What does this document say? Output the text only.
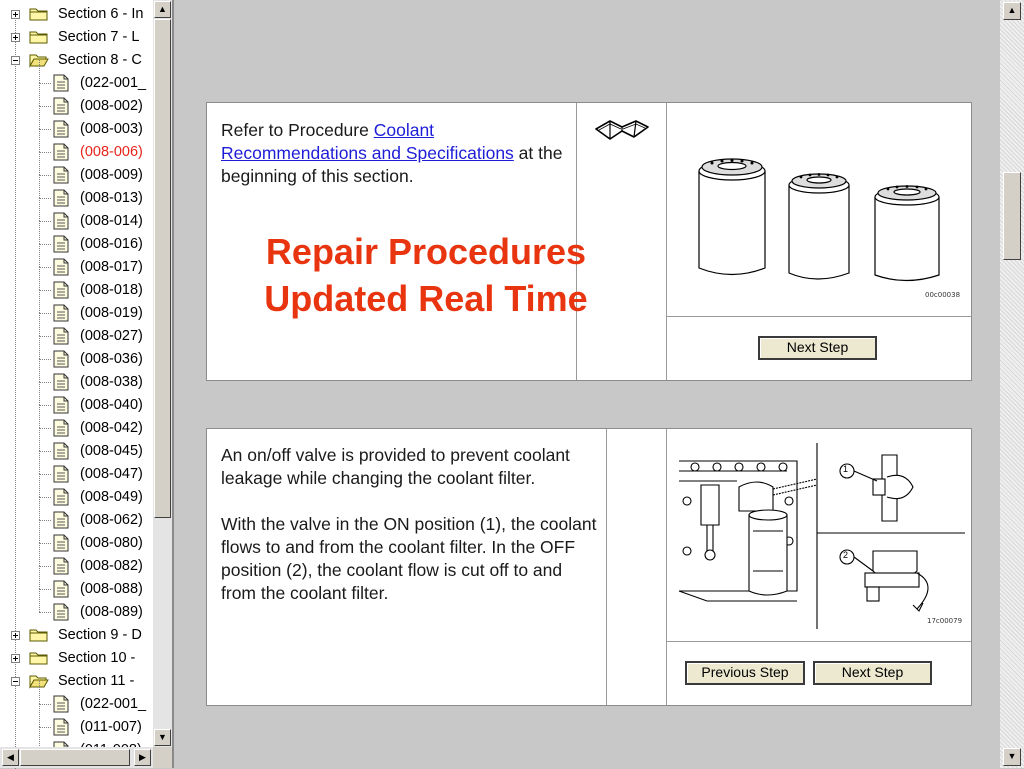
Section 6 - In
Section 7 - L
Section 8 - C
(022-001_
(008-002)
(008-003)
(008-006)
(008-009)
(008-013)
(008-014)
(008-016)
(008-017)
(008-018)
(008-019)
(008-027)
(008-036)
(008-038)
(008-040)
(008-042)
(008-045)
(008-047)
(008-049)
(008-062)
(008-080)
(008-082)
(008-088)
(008-089)
Section 9 - D
Section 10 -
Section 11 -
(022-001_
(011-007)
▲
▼
◀	▶
Refer to Procedure Coolant Recommendations and Specifications at the beginning of this section.
00c00038
Next Step
Repair Procedures
Updated Real Time

An on/off valve is provided to prevent coolant leakage while changing the coolant filter.

With the valve in the ON position (1), the coolant flows to and from the coolant filter. In the OFF position (2), the coolant flow is cut off to and from the coolant filter.

1
2
17c00079
Previous Step	Next Step
▲
▼
